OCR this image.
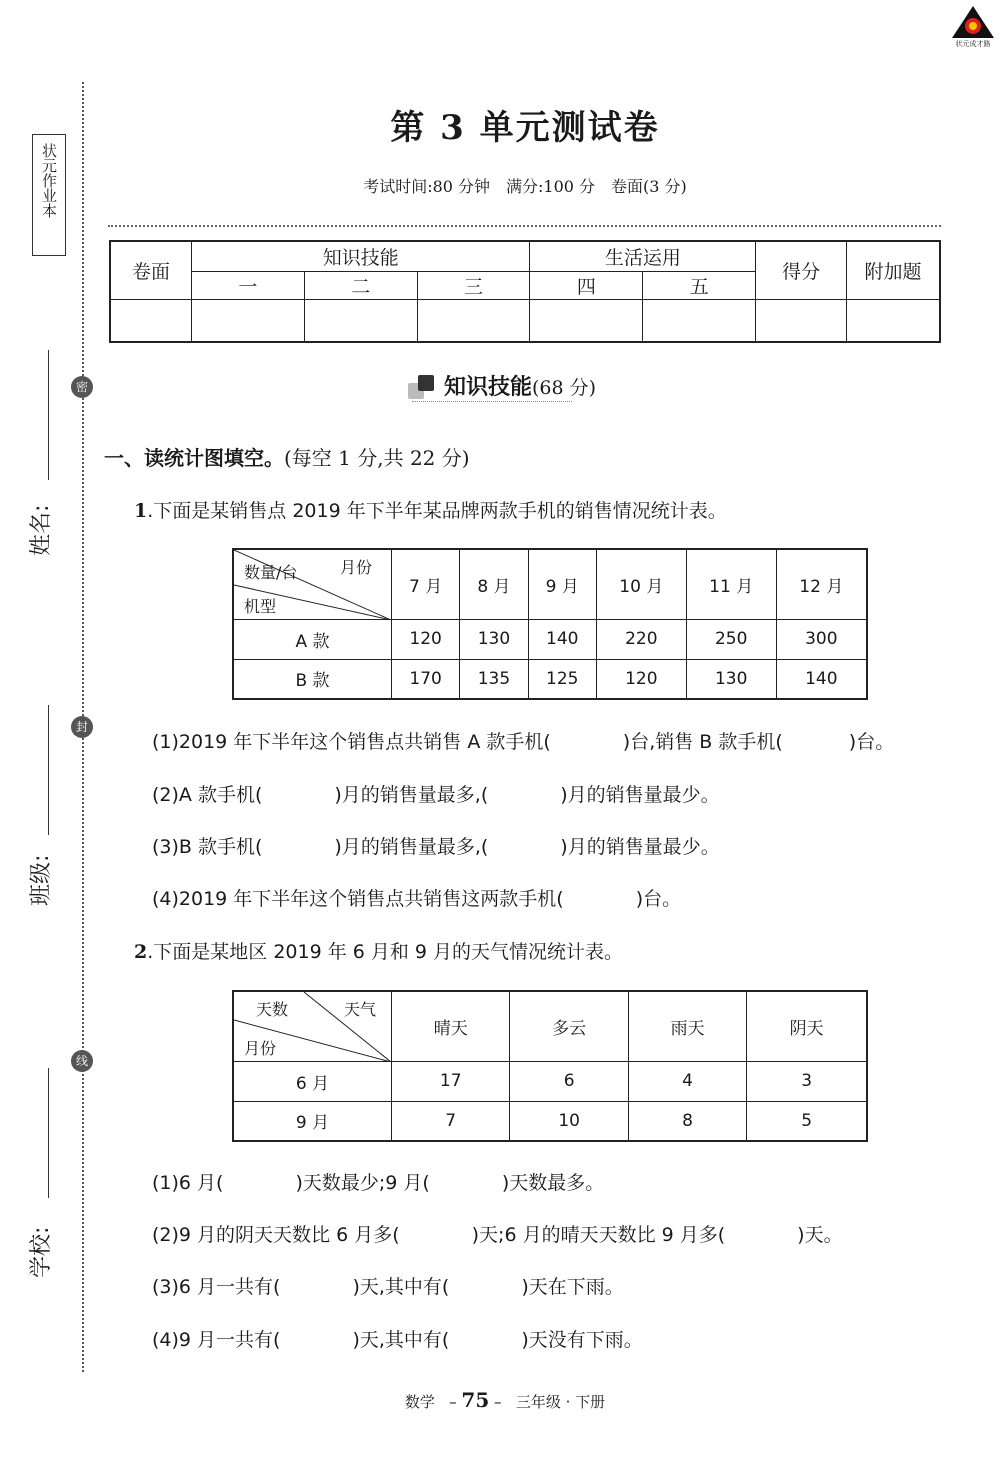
状元成才路
状元作业本
密
封
线
姓名:
班级:
学校:
第 3 单元测试卷
考试时间:80 分钟　满分:100 分　卷面(3 分)
卷面	知识技能			生活运用		得分	附加题
	一	二	三	四	五		

知识技能(68 分)
一、读统计图填空。(每空 1 分,共 22 分)
1.下面是某销售点 2019 年下半年某品牌两款手机的销售情况统计表。
月份
数量/台
机型	7 月	8 月	9 月	10 月	11 月	12 月
A 款	120	130	140	220	250	300
B 款	170	135	125	120	130	140
(1)2019 年下半年这个销售点共销售 A 款手机(	)台,销售 B 款手机(	)台。
(2)A 款手机(	)月的销售量最多,(	)月的销售量最少。
(3)B 款手机(	)月的销售量最多,(	)月的销售量最少。
(4)2019 年下半年这个销售点共销售这两款手机(	)台。
2.下面是某地区 2019 年 6 月和 9 月的天气情况统计表。
天数 天气
月份	晴天	多云	雨天	阴天
6 月	17	6	4	3
9 月	7	10	8	5
(1)6 月(	)天数最少;9 月(	)天数最多。
(2)9 月的阴天天数比 6 月多(	)天;6 月的晴天天数比 9 月多(	)天。
(3)6 月一共有(	)天,其中有(	)天在下雨。
(4)9 月一共有(	)天,其中有(	)天没有下雨。
数学   – 75 –   三年级 · 下册
